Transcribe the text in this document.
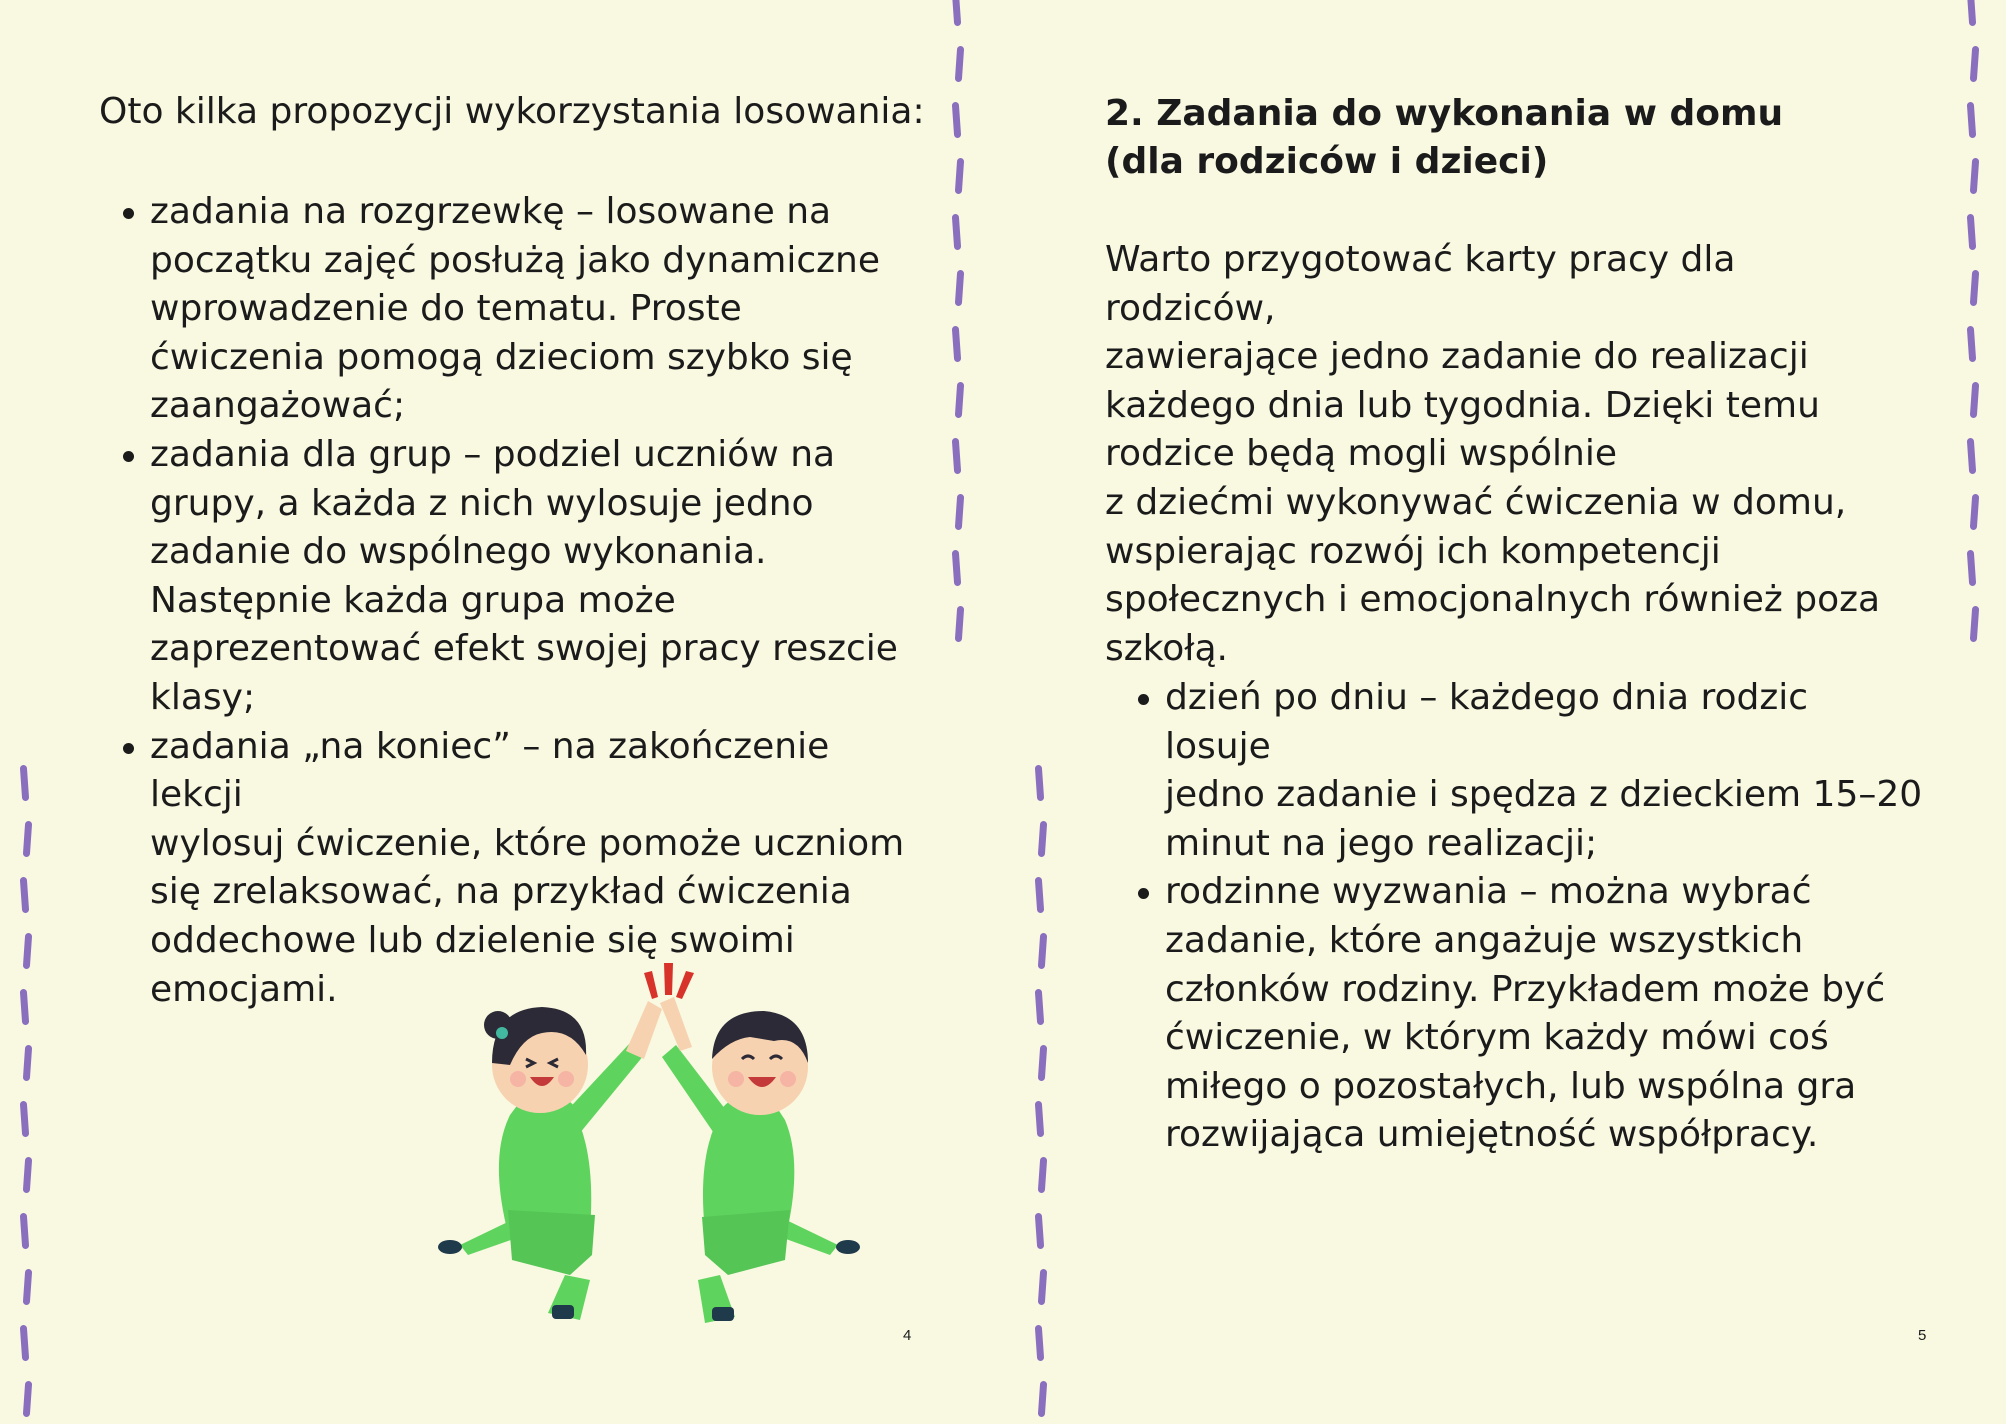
Oto kilka propozycji wykorzystania losowania:

zadania na rozgrzewkę – losowane na
początku zajęć posłużą jako dynamiczne
wprowadzenie do tematu. Proste
ćwiczenia pomogą dzieciom szybko się
zaangażować;
zadania dla grup – podziel uczniów na
grupy, a każda z nich wylosuje jedno
zadanie do wspólnego wykonania.
Następnie każda grupa może
zaprezentować efekt swojej pracy reszcie
klasy;
zadania „na koniec” – na zakończenie lekcji
wylosuj ćwiczenie, które pomoże uczniom
się zrelaksować, na przykład ćwiczenia
oddechowe lub dzielenie się swoimi
emocjami.
4
2. Zadania do wykonania w domu
(dla rodziców i dzieci)
Warto przygotować karty pracy dla rodziców,
zawierające jedno zadanie do realizacji
każdego dnia lub tygodnia. Dzięki temu
rodzice będą mogli wspólnie
z dziećmi wykonywać ćwiczenia w domu,
wspierając rozwój ich kompetencji
społecznych i emocjonalnych również poza
szkołą.
dzień po dniu – każdego dnia rodzic losuje
jedno zadanie i spędza z dzieckiem 15–20
minut na jego realizacji;
rodzinne wyzwania – można wybrać
zadanie, które angażuje wszystkich
członków rodziny. Przykładem może być
ćwiczenie, w którym każdy mówi coś
miłego o pozostałych, lub wspólna gra
rozwijająca umiejętność współpracy.
5
